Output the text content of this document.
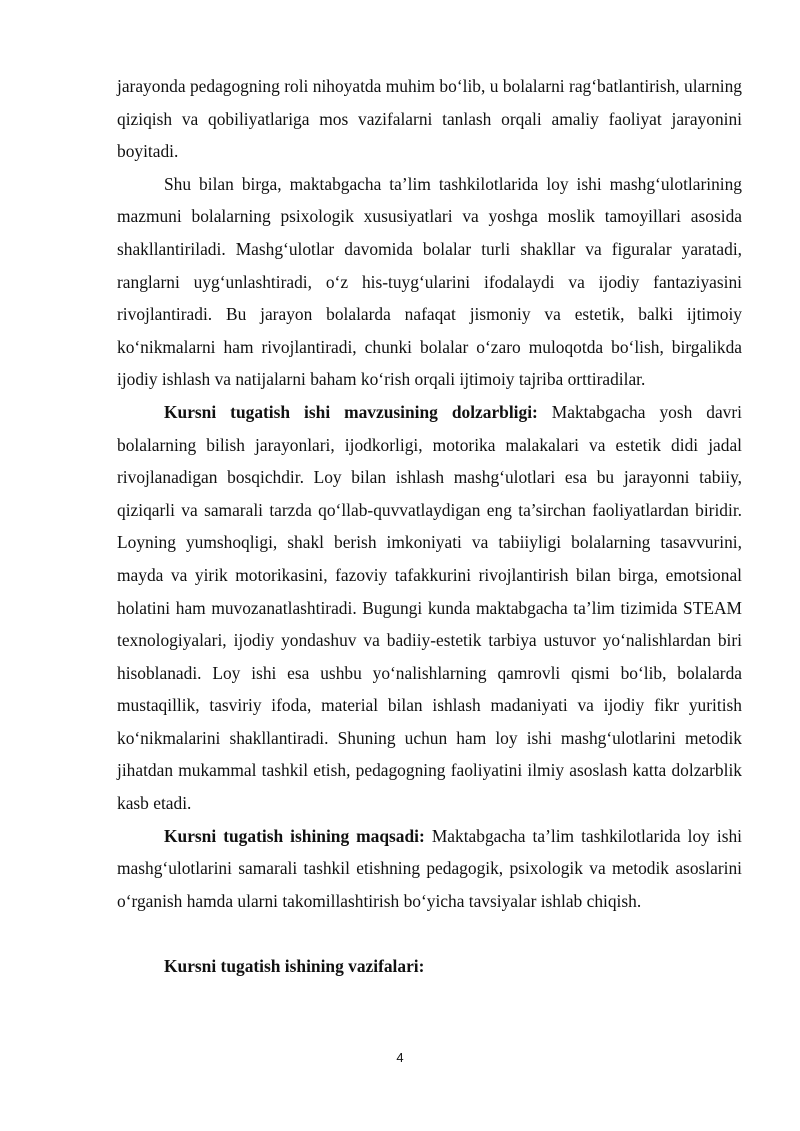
jarayonda pedagogning roli nihoyatda muhim bo‘lib, u bolalarni rag‘batlantirish, ularning qiziqish va qobiliyatlariga mos vazifalarni tanlash orqali amaliy faoliyat jarayonini boyitadi.

Shu bilan birga, maktabgacha ta’lim tashkilotlarida loy ishi mashg‘ulotlarining mazmuni bolalarning psixologik xususiyatlari va yoshga moslik tamoyillari asosida shakllantiriladi. Mashg‘ulotlar davomida bolalar turli shakllar va figuralar yaratadi, ranglarni uyg‘unlashtiradi, o‘z his-tuyg‘ularini ifodalaydi va ijodiy fantaziyasini rivojlantiradi. Bu jarayon bolalarda nafaqat jismoniy va estetik, balki ijtimoiy ko‘nikmalarni ham rivojlantiradi, chunki bolalar o‘zaro muloqotda bo‘lish, birgalikda ijodiy ishlash va natijalarni baham ko‘rish orqali ijtimoiy tajriba orttiradilar.

Kursni tugatish ishi mavzusining dolzarbligi: Maktabgacha yosh davri bolalarning bilish jarayonlari, ijodkorligi, motorika malakalari va estetik didi jadal rivojlanadigan bosqichdir. Loy bilan ishlash mashg‘ulotlari esa bu jarayonni tabiiy, qiziqarli va samarali tarzda qo‘llab-quvvatlaydigan eng ta’sirchan faoliyatlardan biridir. Loyning yumshoqligi, shakl berish imkoniyati va tabiiyligi bolalarning tasavvurini, mayda va yirik motorikasini, fazoviy tafakkurini rivojlantirish bilan birga, emotsional holatini ham muvozanatlashtiradi. Bugungi kunda maktabgacha ta’lim tizimida STEAM texnologiyalari, ijodiy yondashuv va badiiy-estetik tarbiya ustuvor yo‘nalishlardan biri hisoblanadi. Loy ishi esa ushbu yo‘nalishlarning qamrovli qismi bo‘lib, bolalarda mustaqillik, tasviriy ifoda, material bilan ishlash madaniyati va ijodiy fikr yuritish ko‘nikmalarini shakllantiradi. Shuning uchun ham loy ishi mashg‘ulotlarini metodik jihatdan mukammal tashkil etish, pedagogning faoliyatini ilmiy asoslash katta dolzarblik kasb etadi.

Kursni tugatish ishining maqsadi: Maktabgacha ta’lim tashkilotlarida loy ishi mashg‘ulotlarini samarali tashkil etishning pedagogik, psixologik va metodik asoslarini o‘rganish hamda ularni takomillashtirish bo‘yicha tavsiyalar ishlab chiqish.

Kursni tugatish ishining vazifalari:

4
